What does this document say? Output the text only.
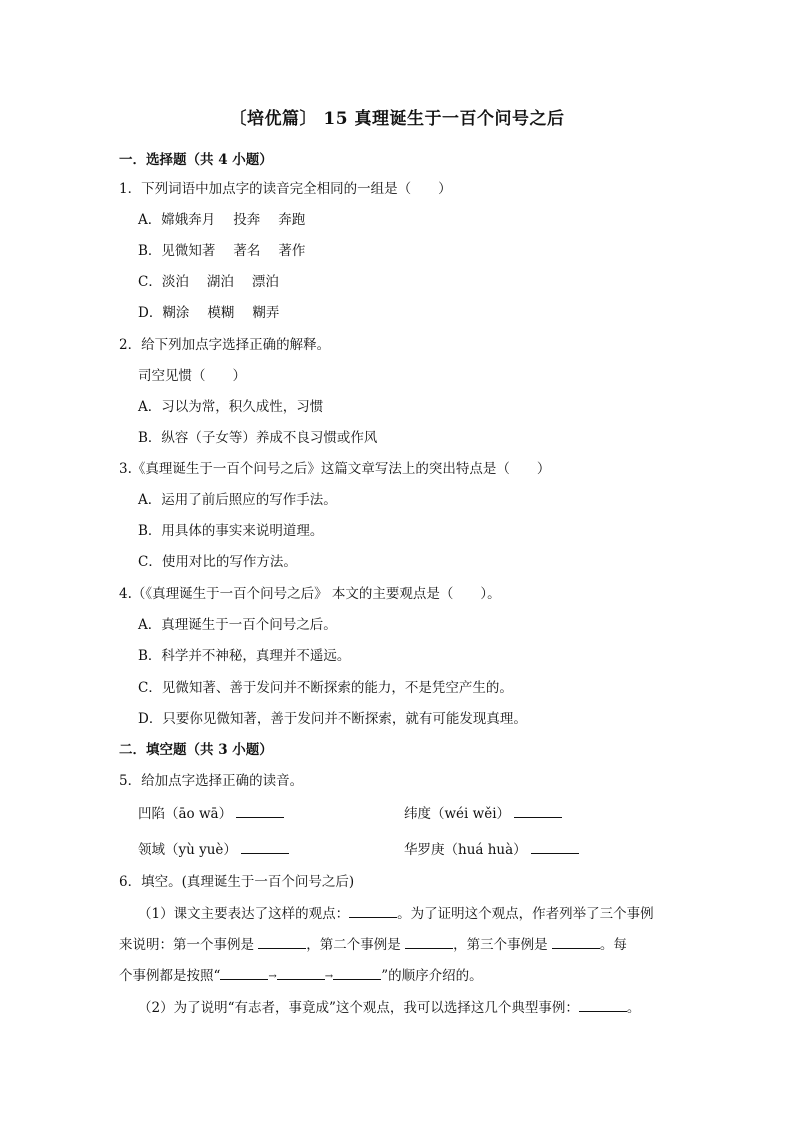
〔培优篇〕 15 真理诞生于一百个问号之后
一．选择题（共 4 小题）
1．下列词语中加点字的读音完全相同的一组是（　　）
A．嫦娥奔月 投奔 奔跑
B．见微知著 著名 著作
C．淡泊 湖泊 漂泊
D．糊涂 模糊 糊弄
2．给下列加点字选择正确的解释。
司空见惯（　　）
A．习以为常，积久成性，习惯
B．纵容（子女等）养成不良习惯或作风
3.《真理诞生于一百个问号之后》这篇文章写法上的突出特点是（　　）
A．运用了前后照应的写作手法。
B．用具体的事实来说明道理。
C．使用对比的写作方法。
4.（《真理诞生于一百个问号之后》 本文的主要观点是（　　）。
A．真理诞生于一百个问号之后。
B．科学并不神秘，真理并不遥远。
C．见微知著、善于发问并不断探索的能力，不是凭空产生的。
D．只要你见微知著，善于发问并不断探索，就有可能发现真理。
二．填空题（共 3 小题）
5．给加点字选择正确的读音。
凹陷（āo wā）	纬度（wéi wěi）
领域（yù yuè）	华罗庚（huá huà）
6．填空。(真理诞生于一百个问号之后)
（1）课文主要表达了这样的观点：	。为了证明这个观点，作者列举了三个事例
来说明：第一个事例是	，第二个事例是	，第三个事例是	。每
个事例都是按照“	→	→	”的顺序介绍的。
（2）为了说明“有志者，事竟成”这个观点，我可以选择这几个典型事例：	。
